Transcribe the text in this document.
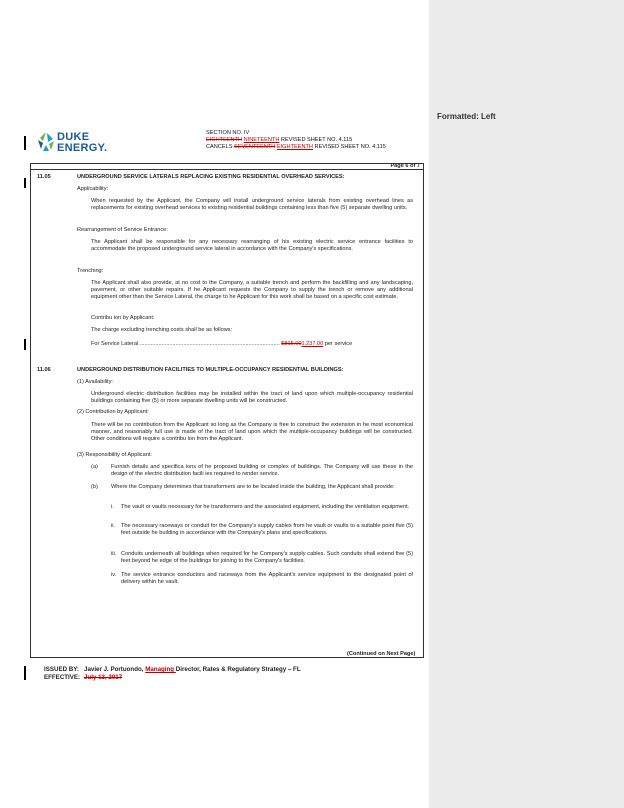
Formatted: Left
DUKE
ENERGY.
SECTION NO. IV
EIGHTEENTH NINETEENTH REVISED SHEET NO. 4.115
CANCELS SEVENTEENTH EIGHTEENTH REVISED SHEET NO. 4.115
Page 6 of 7
11.05	UNDERGROUND SERVICE LATERALS REPLACING EXISTING RESIDENTIAL OVERHEAD SERVICES:
Applicability:
When requested by the Applicant, the Company will install underground service laterals from existing overhead lines as replacements for existing overhead services to existing residential buildings containing less than five (5) separate dwelling units.
Rearrangement of Service Entrance:
The Applicant shall be responsible for any necessary rearranging of his existing electric service entrance facilities to accommodate the proposed underground service lateral in accordance with the Company's specifications.
Trenching:
The Applicant shall also provide, at no cost to the Company, a suitable trench and perform the backfilling and any landscaping, pavement, or other suitable repairs. If he Applicant requests the Company to supply the trench or remove any additional equipment other than the Service Lateral, the charge to he Applicant for this work shall be based on a specific cost estimate.
Contribu ion by Applicant:
The charge excluding trenching costs shall be as follows:
For Service Lateral .......................................................................................... $815.001,237.00 per service
11.06	UNDERGROUND DISTRIBUTION FACILITIES TO MULTIPLE-OCCUPANCY RESIDENTIAL BUILDINGS:
(1) Availability:
Underground electric distribution facilities may be installed within the tract of land upon which multiple-occupancy residential buildings containing five (5) or more separate dwelling units will be constructed.
(2) Contribution by Applicant:
There will be no contribution from the Applicant so long as the Company is free to construct the extension in he most economical manner, and reasonably full use is made of the tract of land upon which the multiple-occupancy buildings will be constructed. Other conditions will require a contribu ion from the Applicant.
(3) Responsibility of Applicant:
(a) Furnish details and specifica ions of he proposed building or complex of buildings. The Company will use these in the design of the electric distribution facili ies required to render service.
(b) Where the Company determines that transformers are to be located inside the building, the Applicant shall provide:
i. The vault or vaults necessary for he transformers and the associated equipment, including the ventilation equipment.
ii. The necessary raceways or conduit for the Company's supply cables from he vault or vaults to a suitable point five (5) feet outside he building in accordance with the Company's plans and specifications.
iii. Conduits underneath all buildings when required for he Company's supply cables. Such conduits shall extend five (5) feet beyond he edge of the buildings for joining to the Company's facilities.
iv. The service entrance conductors and raceways from the Applicant's service equipment to the designated point of delivery within he vault.
(Continued on Next Page)
ISSUED BY: Javier J. Portuondo, Managing Director, Rates & Regulatory Strategy – FL
EFFECTIVE: July 13, 2017
